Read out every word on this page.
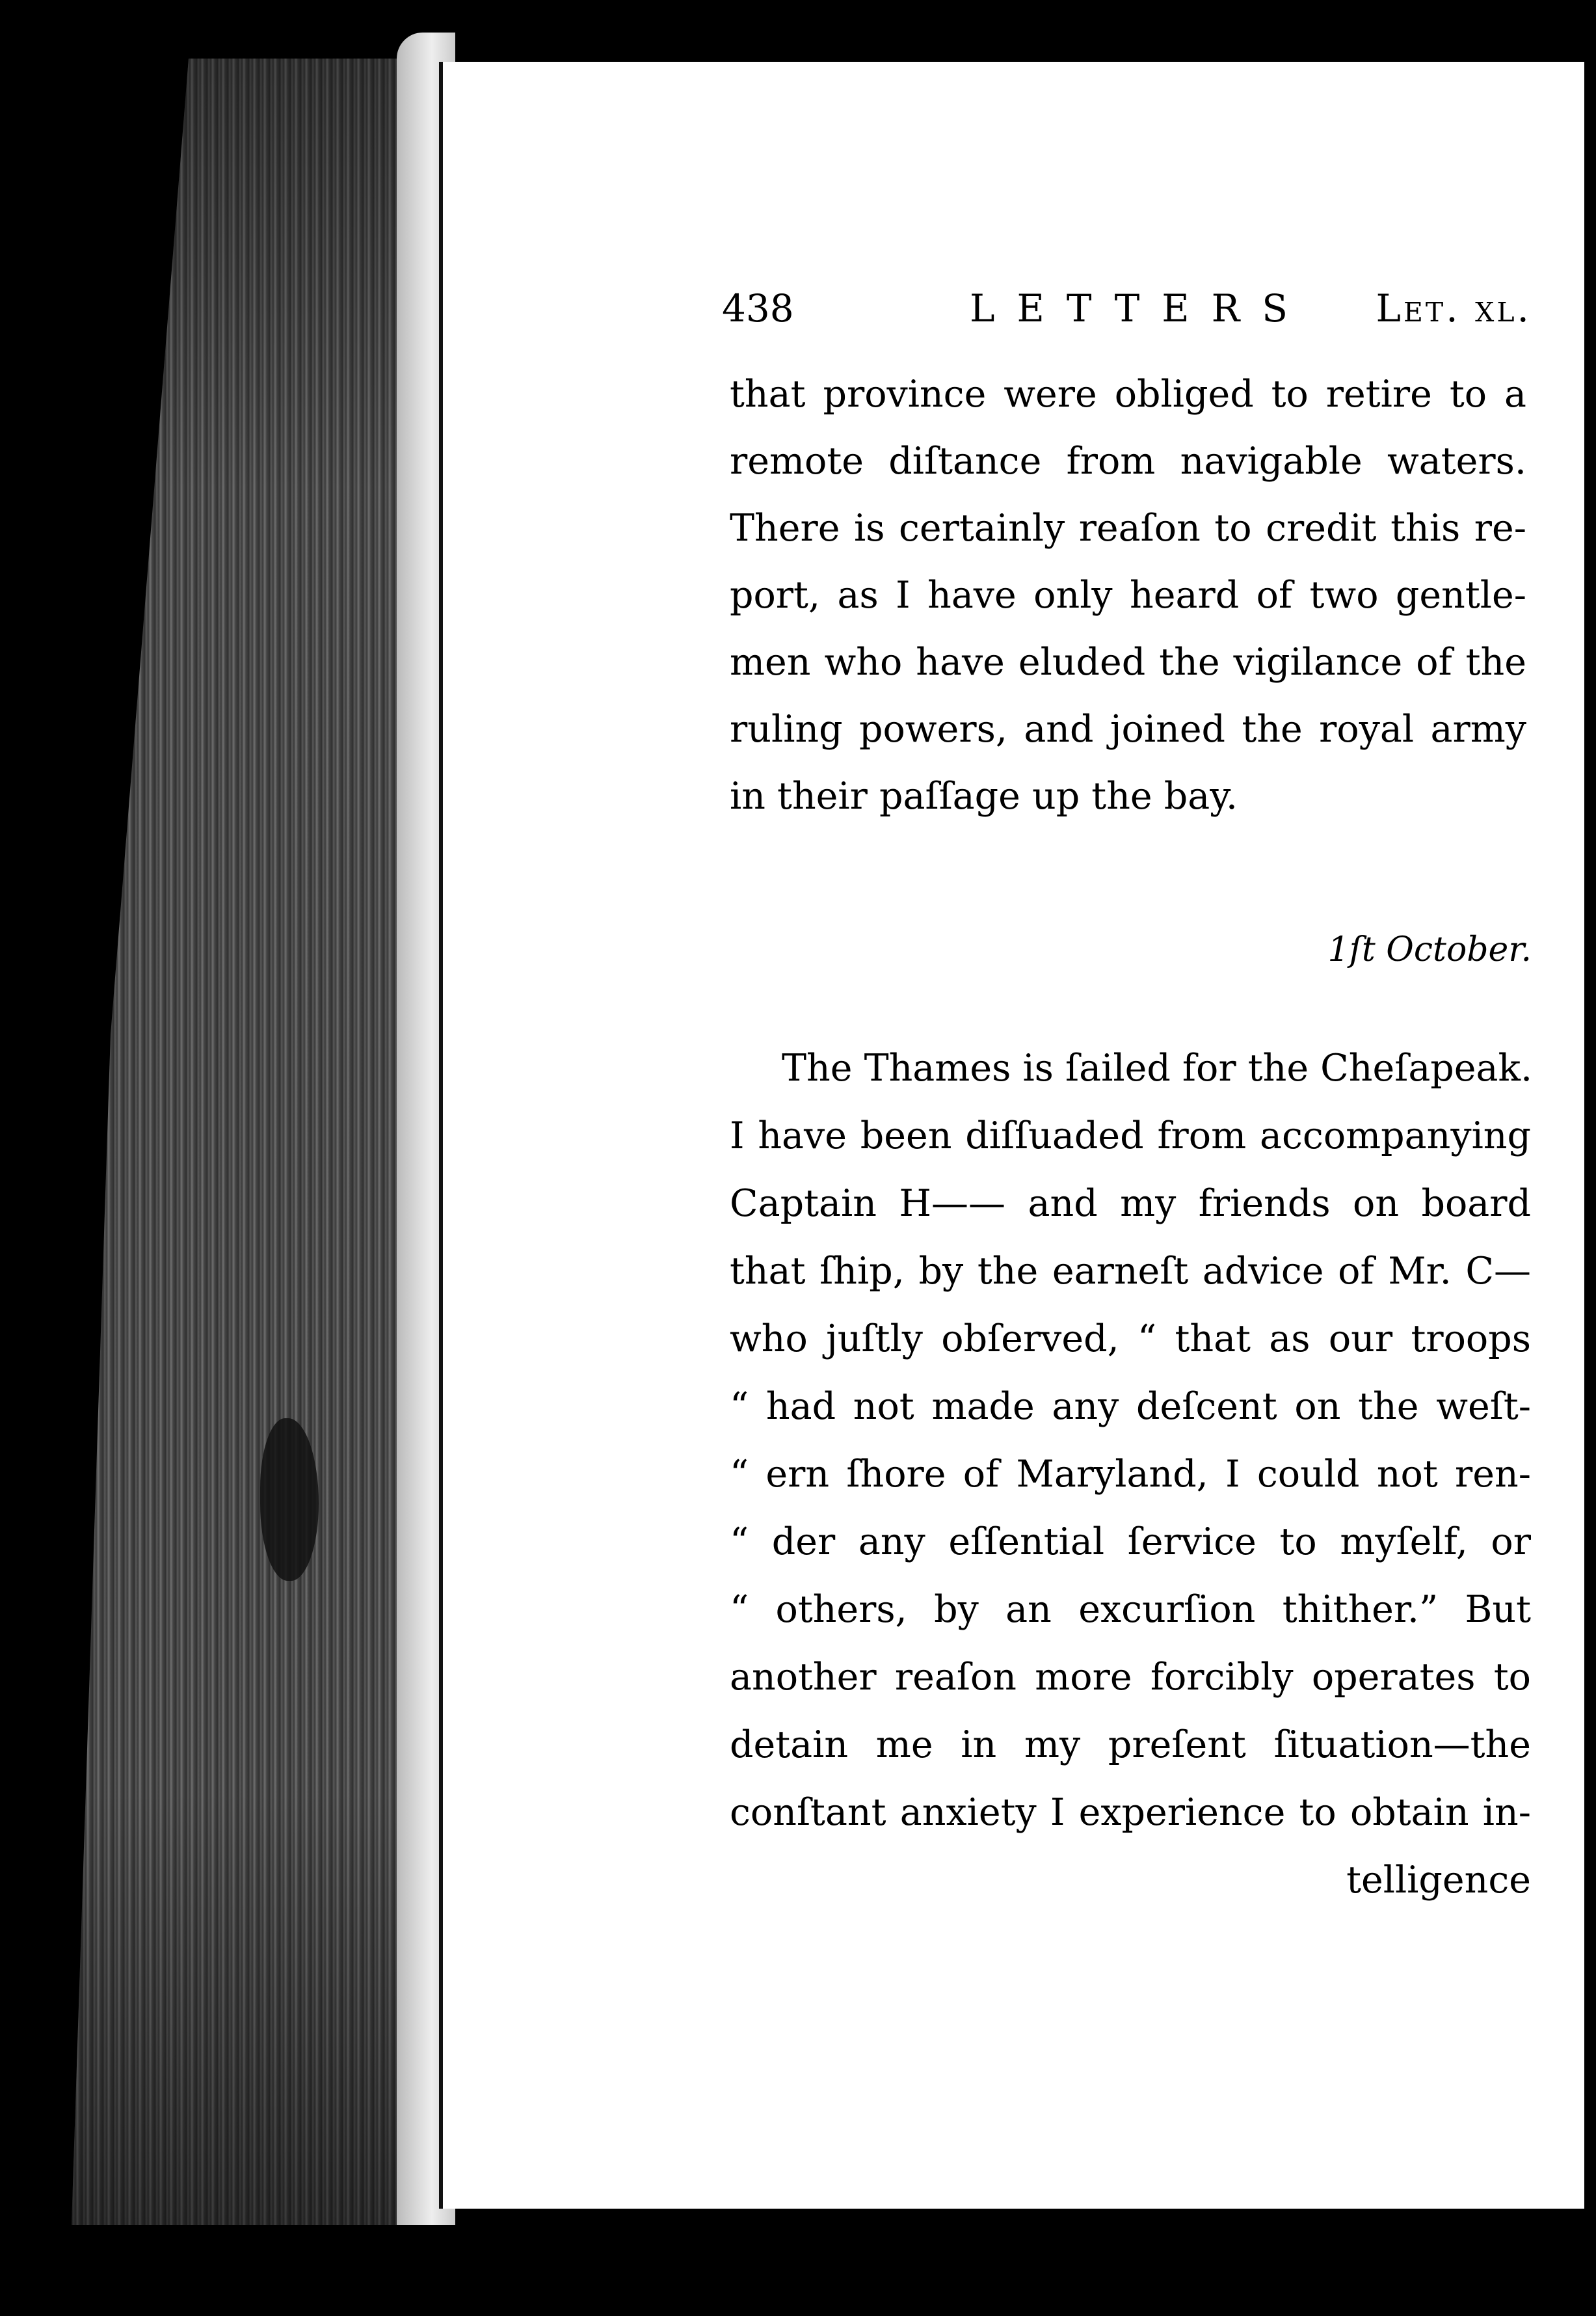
438	LETTERS	Let. xl.
that province were obliged to retire to a
remote diſtance from navigable waters.
There is certainly reaſon to credit this re-
port, as I have only heard of two gentle-
men who have eluded the vigilance of the
ruling powers, and joined the royal army
in their paſſage up the bay.
1ſt October.
The Thames is ſailed for the Cheſapeak.
I have been diſſuaded from accompanying
Captain H—— and my friends on board
that ſhip, by the earneſt advice of Mr. C—
who juſtly obſerved, “ that as our troops
“ had not made any deſcent on the weſt-
“ ern ſhore of Maryland, I could not ren-
“ der any eſſential ſervice to myſelf, or
“ others, by an excurſion thither.” But
another reaſon more forcibly operates to
detain me in my preſent ſituation—the
conſtant anxiety I experience to obtain in-
telligence
